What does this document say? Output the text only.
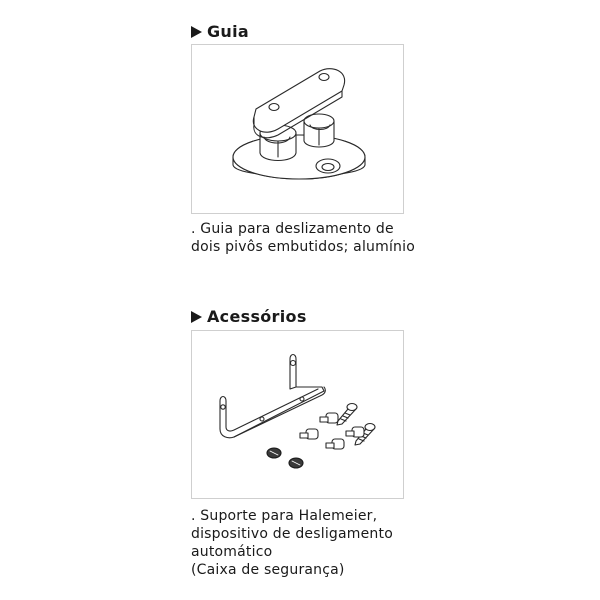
Guia
. Guia para deslizamento de
dois pivôs embutidos; alumínio
Acessórios
. Suporte para Halemeier,
dispositivo de desligamento
automático
(Caixa de segurança)
